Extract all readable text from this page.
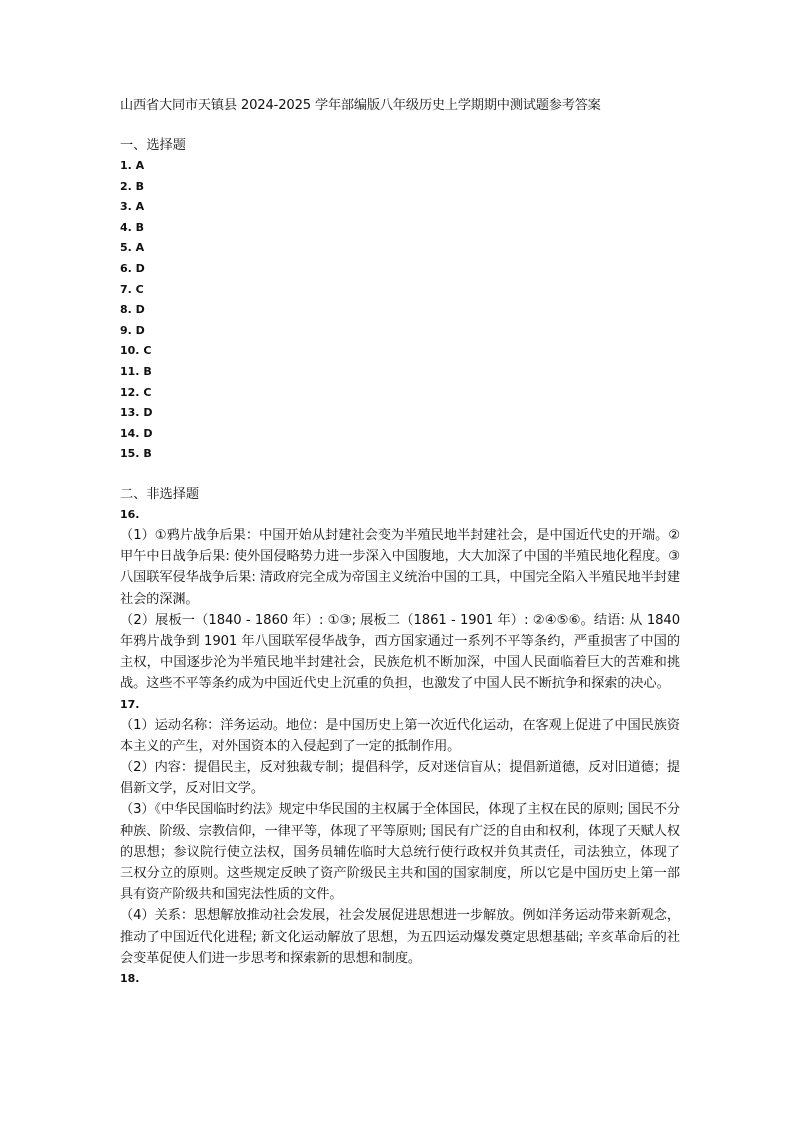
山西省大同市天镇县 2024-2025 学年部编版八年级历史上学期期中测试题参考答案

一、选择题

1. A
2. B
3. A
4. B
5. A
6. D
7. C
8. D
9. D
10. C
11. B
12. C
13. D
14. D
15. B

二、非选择题

16.

（1）①鸦片战争后果：中国开始从封建社会变为半殖民地半封建社会，是中国近代史的开端。②甲午中日战争后果: 使外国侵略势力进一步深入中国腹地，大大加深了中国的半殖民地化程度。③八国联军侵华战争后果: 清政府完全成为帝国主义统治中国的工具，中国完全陷入半殖民地半封建社会的深渊。

（2）展板一（1840 - 1860 年）: ①③; 展板二（1861 - 1901 年）: ②④⑤⑥。结语: 从 1840 年鸦片战争到 1901 年八国联军侵华战争，西方国家通过一系列不平等条约，严重损害了中国的主权，中国逐步沦为半殖民地半封建社会，民族危机不断加深，中国人民面临着巨大的苦难和挑战。这些不平等条约成为中国近代史上沉重的负担，也激发了中国人民不断抗争和探索的决心。

17.

（1）运动名称：洋务运动。地位：是中国历史上第一次近代化运动，在客观上促进了中国民族资本主义的产生，对外国资本的入侵起到了一定的抵制作用。

（2）内容：提倡民主，反对独裁专制；提倡科学，反对迷信盲从；提倡新道德，反对旧道德；提倡新文学，反对旧文学。

（3）《中华民国临时约法》规定中华民国的主权属于全体国民，体现了主权在民的原则; 国民不分种族、阶级、宗教信仰，一律平等，体现了平等原则; 国民有广泛的自由和权利，体现了天赋人权的思想；参议院行使立法权，国务员辅佐临时大总统行使行政权并负其责任，司法独立，体现了三权分立的原则。这些规定反映了资产阶级民主共和国的国家制度，所以它是中国历史上第一部具有资产阶级共和国宪法性质的文件。

（4）关系：思想解放推动社会发展，社会发展促进思想进一步解放。例如洋务运动带来新观念，推动了中国近代化进程; 新文化运动解放了思想，为五四运动爆发奠定思想基础; 辛亥革命后的社会变革促使人们进一步思考和探索新的思想和制度。

18.
